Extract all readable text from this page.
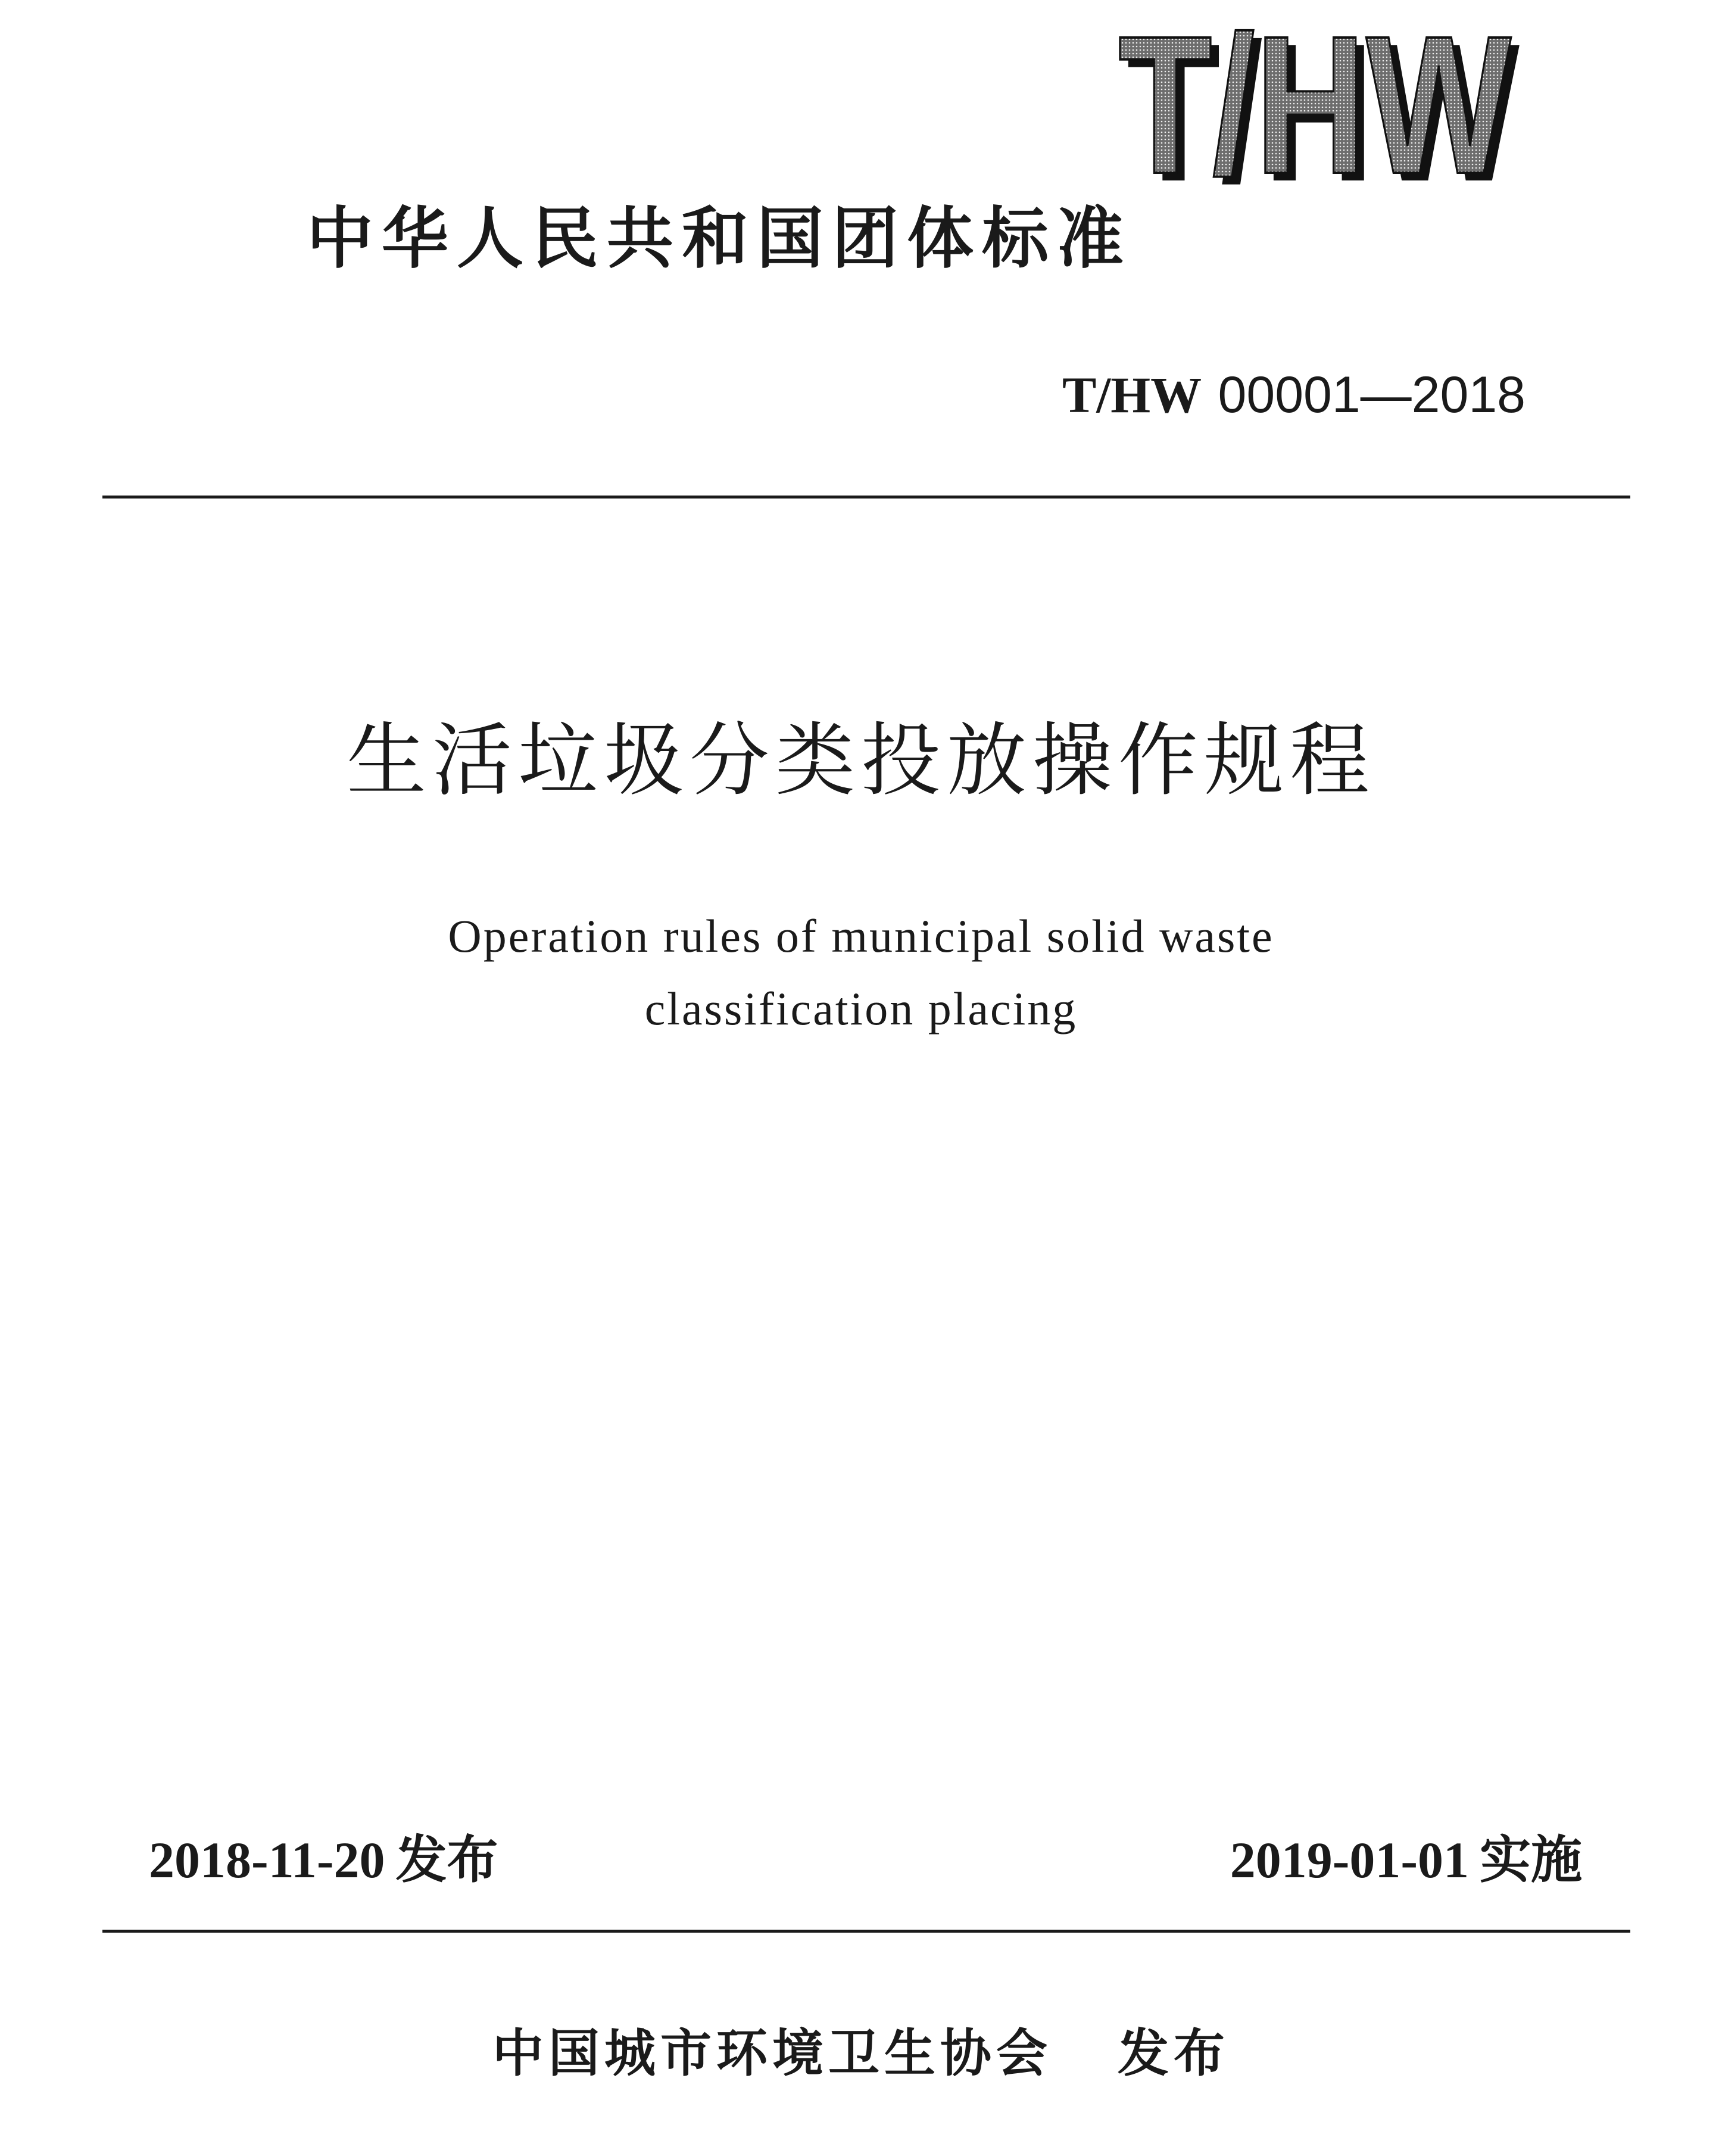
T/HW
T/HW
中华人民共和国团体标准
T/HW 00001—2018
生活垃圾分类投放操作规程
Operation rules of municipal solid waste
classification placing
2018-11-20 发布	2019-01-01 实施
中国城市环境卫生协会 发布
